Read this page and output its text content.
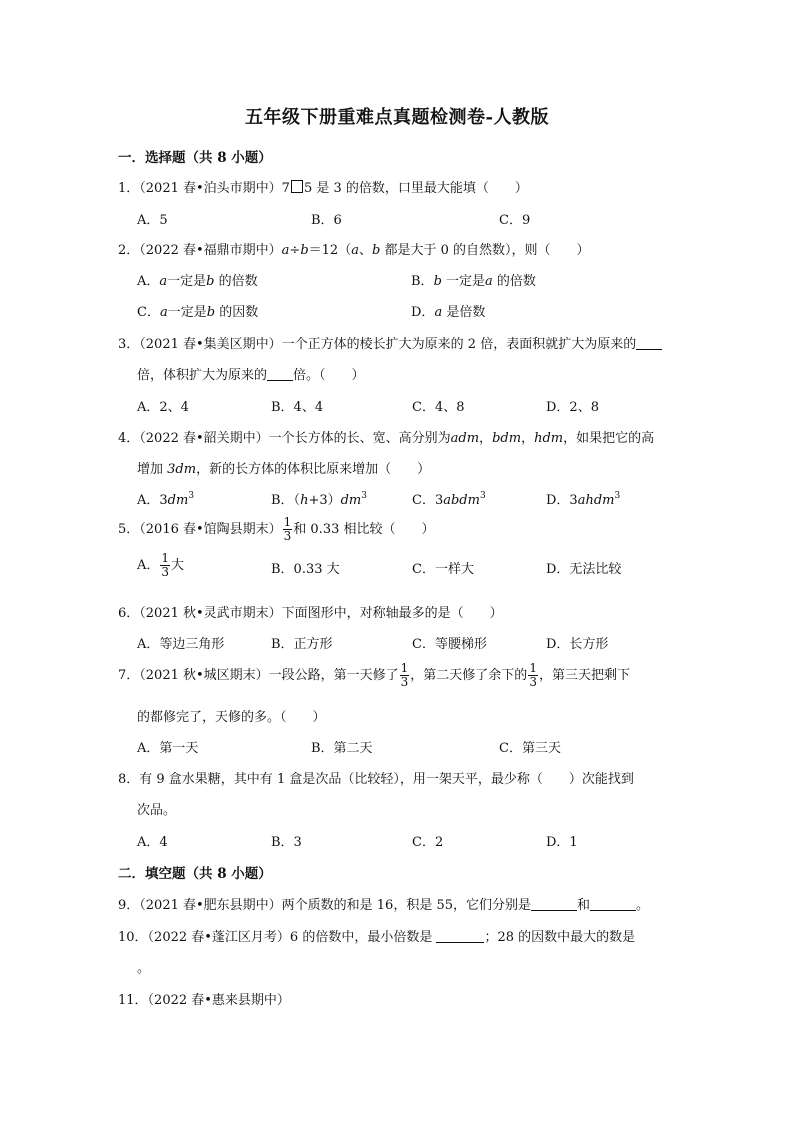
五年级下册重难点真题检测卷-人教版
一．选择题（共 8 小题）
1．（2021 春•泊头市期中）7 5 是 3 的倍数，口里最大能填（　　）
A．5	B．6	C．9
2．（2022 春•福鼎市期中）a÷b＝12（a、b 都是大于 0 的自然数），则（　　）
A．a一定是b 的倍数	B．b 一定是a 的倍数
C．a一定是b 的因数	D．a 是倍数
3．（2021 春•集美区期中）一个正方体的棱长扩大为原来的 2 倍，表面积就扩大为原来的
倍，体积扩大为原来的 倍。（　　）
A．2、4	B．4、4	C．4、8	D．2、8
4．（2022 春•韶关期中）一个长方体的长、宽、高分别为adm，bdm，hdm，如果把它的高
增加 3dm，新的长方体的体积比原来增加（　　）
A．$3dm^3$	B．$(h+3)dm^3$	C．3abdm$^3$	D．3ahdm$^3$
5．（2016 春•馆陶县期末） $\frac{1}{3}$ 和 0.33 相比较（　　）
A． $\frac{1}{3}$ 大	B．0.33 大	C．一样大	D．无法比较
6．（2021 秋•灵武市期末）下面图形中，对称轴最多的是（　　）
A．等边三角形	B．正方形	C．等腰梯形	D．长方形
7．（2021 秋•城区期末）一段公路，第一天修了 $\frac{1}{3}$ ，第二天修了余下的 $\frac{1}{3}$ ，第三天把剩下
的都修完了，天修的多。（　　）
A．第一天	B．第二天	C．第三天
8．有 9 盒水果糖，其中有 1 盒是次品（比较轻），用一架天平，最少称（　　）次能找到
次品。
A．4	B．3	C．2	D．1
二．填空题（共 8 小题）
9．（2021 春•肥东县期中）两个质数的和是 16，积是 55，它们分别是	和	。
10．（2022 春•蓬江区月考）6 的倍数中，最小倍数是	；28 的因数中最大的数是
。
11．（2022 春•惠来县期中）
